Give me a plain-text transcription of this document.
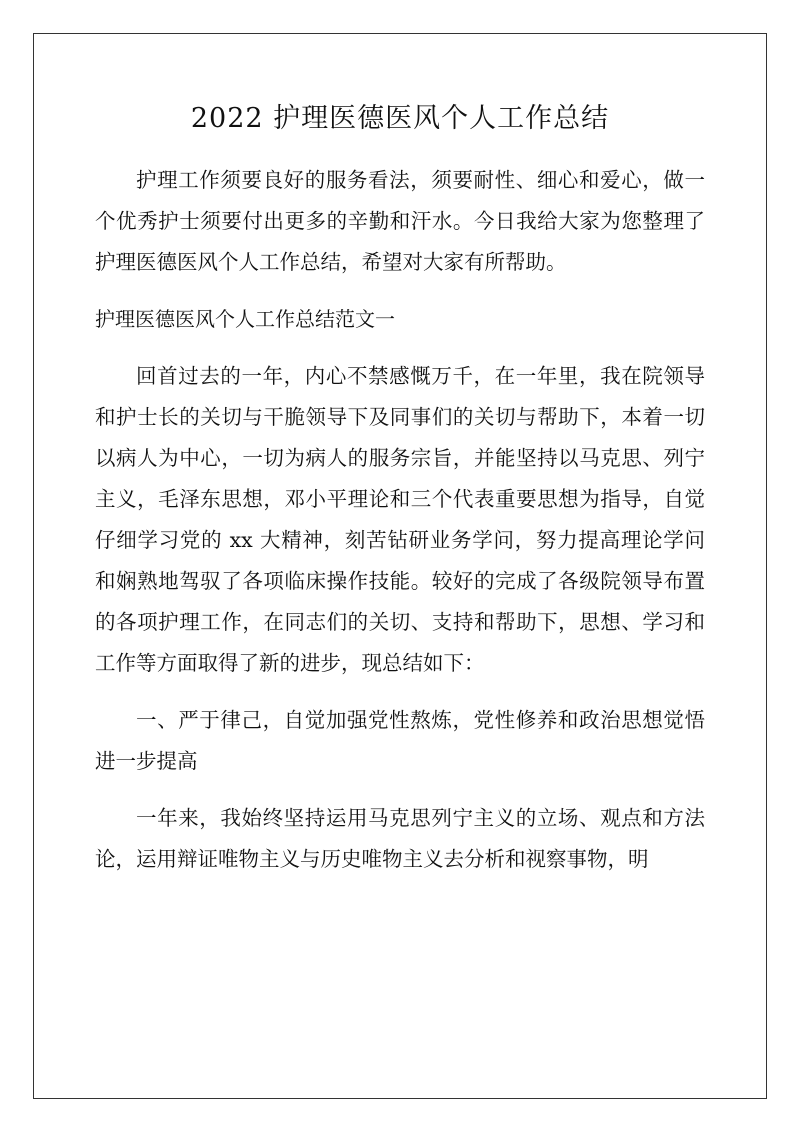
2022 护理医德医风个人工作总结

护理工作须要良好的服务看法，须要耐性、细心和爱心，做一个优秀护士须要付出更多的辛勤和汗水。今日我给大家为您整理了护理医德医风个人工作总结，希望对大家有所帮助。

护理医德医风个人工作总结范文一

回首过去的一年，内心不禁感慨万千，在一年里，我在院领导和护士长的关切与干脆领导下及同事们的关切与帮助下，本着一切以病人为中心，一切为病人的服务宗旨，并能坚持以马克思、列宁主义，毛泽东思想，邓小平理论和三个代表重要思想为指导，自觉仔细学习党的 xx 大精神，刻苦钻研业务学问，努力提高理论学问和娴熟地驾驭了各项临床操作技能。较好的完成了各级院领导布置的各项护理工作，在同志们的关切、支持和帮助下，思想、学习和工作等方面取得了新的进步，现总结如下：

一、严于律己，自觉加强党性熬炼，党性修养和政治思想觉悟进一步提高

一年来，我始终坚持运用马克思列宁主义的立场、观点和方法论，运用辩证唯物主义与历史唯物主义去分析和视察事物，明
